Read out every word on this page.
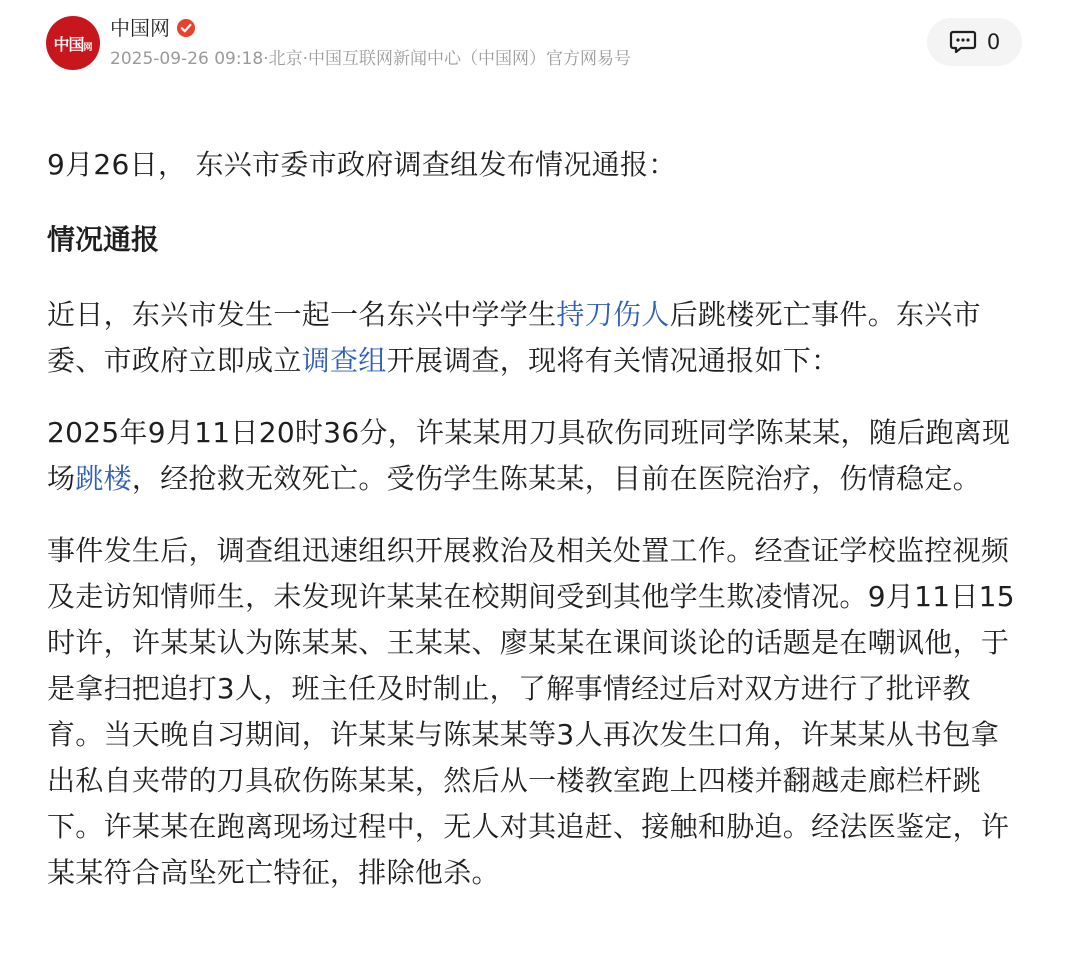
中国网
中国网
2025-09-26 09:18·北京·中国互联网新闻中心（中国网）官方网易号
0

9月26日， 东兴市委市政府调查组发布情况通报：

情况通报

近日，东兴市发生一起一名东兴中学学生持刀伤人后跳楼死亡事件。东兴市委、市政府立即成立调查组开展调查，现将有关情况通报如下：

2025年9月11日20时36分，许某某用刀具砍伤同班同学陈某某，随后跑离现场跳楼，经抢救无效死亡。受伤学生陈某某，目前在医院治疗，伤情稳定。

事件发生后，调查组迅速组织开展救治及相关处置工作。经查证学校监控视频及走访知情师生，未发现许某某在校期间受到其他学生欺凌情况。9月11日15时许，许某某认为陈某某、王某某、廖某某在课间谈论的话题是在嘲讽他，于是拿扫把追打3人，班主任及时制止，了解事情经过后对双方进行了批评教育。当天晚自习期间，许某某与陈某某等3人再次发生口角，许某某从书包拿出私自夹带的刀具砍伤陈某某，然后从一楼教室跑上四楼并翻越走廊栏杆跳下。许某某在跑离现场过程中，无人对其追赶、接触和胁迫。经法医鉴定，许某某符合高坠死亡特征，排除他杀。
